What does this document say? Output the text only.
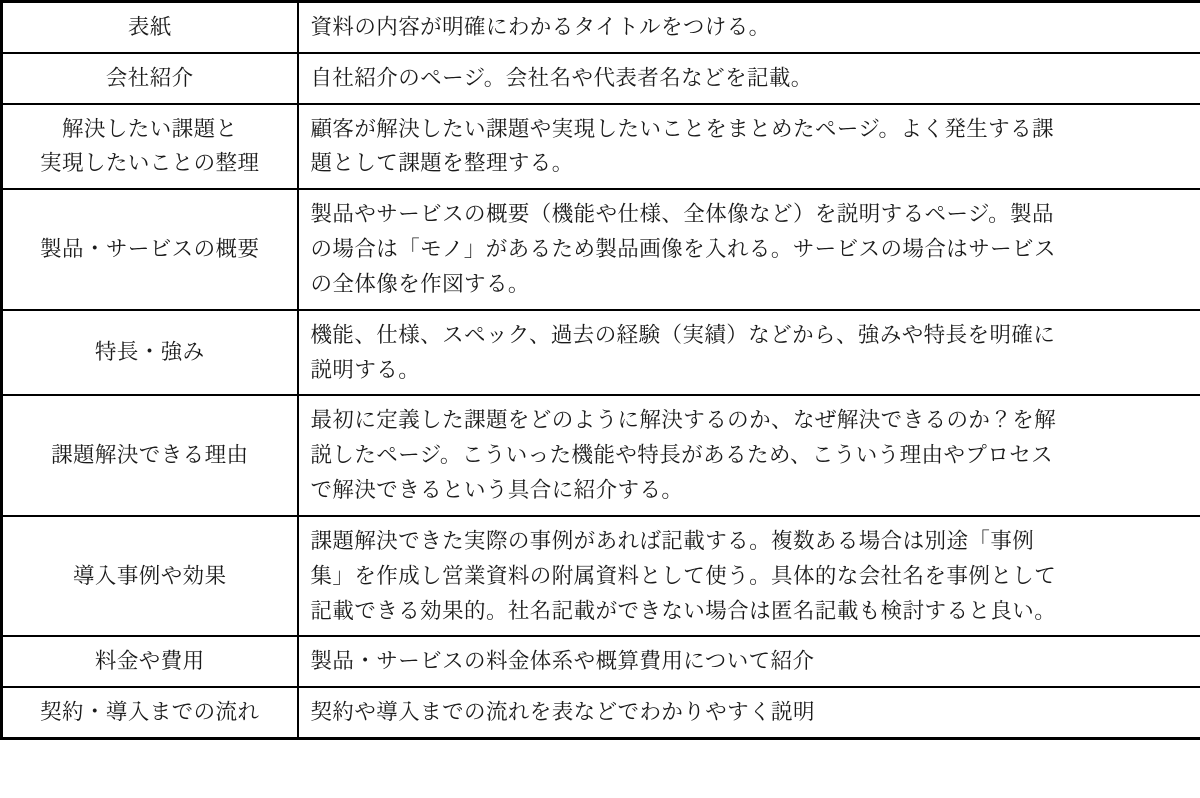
表紙	資料の内容が明確にわかるタイトルをつける。

会社紹介	自社紹介のページ。会社名や代表者名などを記載。

解決したい課題と
実現したいことの整理	顧客が解決したい課題や実現したいことをまとめたページ。よく発生する課
題として課題を整理する。

製品・サービスの概要	製品やサービスの概要（機能や仕様、全体像など）を説明するページ。製品
の場合は「モノ」があるため製品画像を入れる。サービスの場合はサービス
の全体像を作図する。

特長・強み	機能、仕様、スペック、過去の経験（実績）などから、強みや特長を明確に
説明する。

課題解決できる理由	最初に定義した課題をどのように解決するのか、なぜ解決できるのか？を解
説したページ。こういった機能や特長があるため、こういう理由やプロセス
で解決できるという具合に紹介する。

導入事例や効果	課題解決できた実際の事例があれば記載する。複数ある場合は別途「事例
集」を作成し営業資料の附属資料として使う。具体的な会社名を事例として
記載できる効果的。社名記載ができない場合は匿名記載も検討すると良い。

料金や費用	製品・サービスの料金体系や概算費用について紹介

契約・導入までの流れ	契約や導入までの流れを表などでわかりやすく説明
